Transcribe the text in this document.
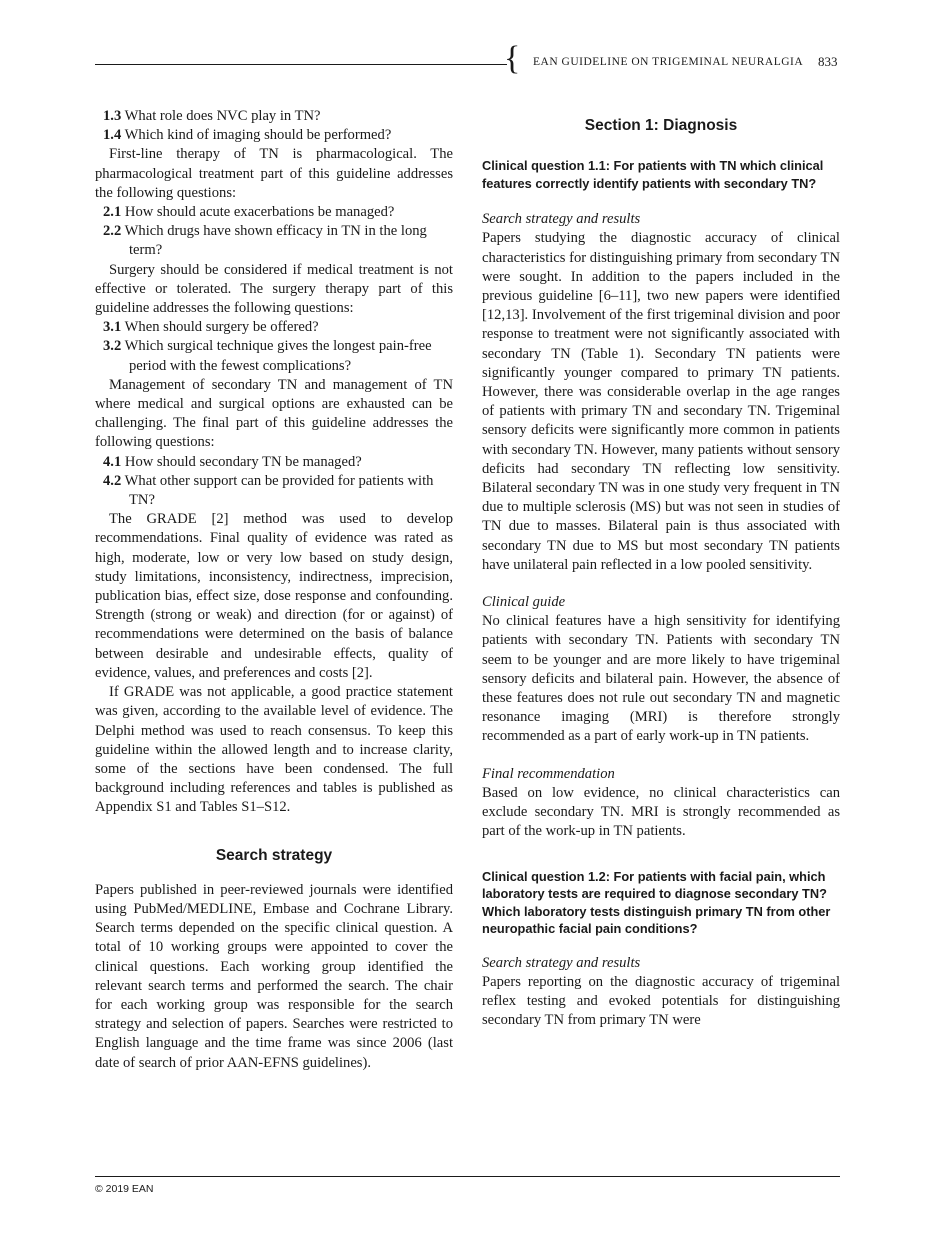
{ EAN GUIDELINE ON TRIGEMINAL NEURALGIA 833

1.3 What role does NVC play in TN?

1.4 Which kind of imaging should be performed?

First-line therapy of TN is pharmacological. The pharmacological treatment part of this guideline addresses the following questions:

2.1 How should acute exacerbations be managed?

2.2 Which drugs have shown efficacy in TN in the long term?

Surgery should be considered if medical treatment is not effective or tolerated. The surgery therapy part of this guideline addresses the following questions:

3.1 When should surgery be offered?

3.2 Which surgical technique gives the longest pain-free period with the fewest complications?

Management of secondary TN and management of TN where medical and surgical options are exhausted can be challenging. The final part of this guideline addresses the following questions:

4.1 How should secondary TN be managed?

4.2 What other support can be provided for patients with TN?

The GRADE [2] method was used to develop recommendations. Final quality of evidence was rated as high, moderate, low or very low based on study design, study limitations, inconsistency, indirectness, imprecision, publication bias, effect size, dose response and confounding. Strength (strong or weak) and direction (for or against) of recommendations were determined on the basis of balance between desirable and undesirable effects, quality of evidence, values, and preferences and costs [2].

If GRADE was not applicable, a good practice statement was given, according to the available level of evidence. The Delphi method was used to reach consensus. To keep this guideline within the allowed length and to increase clarity, some of the sections have been condensed. The full background including references and tables is published as Appendix S1 and Tables S1–S12.

Search strategy

Papers published in peer-reviewed journals were identified using PubMed/MEDLINE, Embase and Cochrane Library. Search terms depended on the specific clinical question. A total of 10 working groups were appointed to cover the clinical questions. Each working group identified the relevant search terms and performed the search. The chair for each working group was responsible for the search strategy and selection of papers. Searches were restricted to English language and the time frame was since 2006 (last date of search of prior AAN-EFNS guidelines).

Section 1: Diagnosis

Clinical question 1.1: For patients with TN which clinical features correctly identify patients with secondary TN?

Search strategy and results

Papers studying the diagnostic accuracy of clinical characteristics for distinguishing primary from secondary TN were sought. In addition to the papers included in the previous guideline [6–11], two new papers were identified [12,13]. Involvement of the first trigeminal division and poor response to treatment were not significantly associated with secondary TN (Table 1). Secondary TN patients were significantly younger compared to primary TN patients. However, there was considerable overlap in the age ranges of patients with primary TN and secondary TN. Trigeminal sensory deficits were significantly more common in patients with secondary TN. However, many patients without sensory deficits had secondary TN reflecting low sensitivity. Bilateral secondary TN was in one study very frequent in TN due to multiple sclerosis (MS) but was not seen in studies of TN due to masses. Bilateral pain is thus associated with secondary TN due to MS but most secondary TN patients have unilateral pain reflected in a low pooled sensitivity.

Clinical guide

No clinical features have a high sensitivity for identifying patients with secondary TN. Patients with secondary TN seem to be younger and are more likely to have trigeminal sensory deficits and bilateral pain. However, the absence of these features does not rule out secondary TN and magnetic resonance imaging (MRI) is therefore strongly recommended as a part of early work-up in TN patients.

Final recommendation

Based on low evidence, no clinical characteristics can exclude secondary TN. MRI is strongly recommended as part of the work-up in TN patients.

Clinical question 1.2: For patients with facial pain, which laboratory tests are required to diagnose secondary TN? Which laboratory tests distinguish primary TN from other neuropathic facial pain conditions?

Search strategy and results

Papers reporting on the diagnostic accuracy of trigeminal reflex testing and evoked potentials for distinguishing secondary TN from primary TN were

© 2019 EAN
